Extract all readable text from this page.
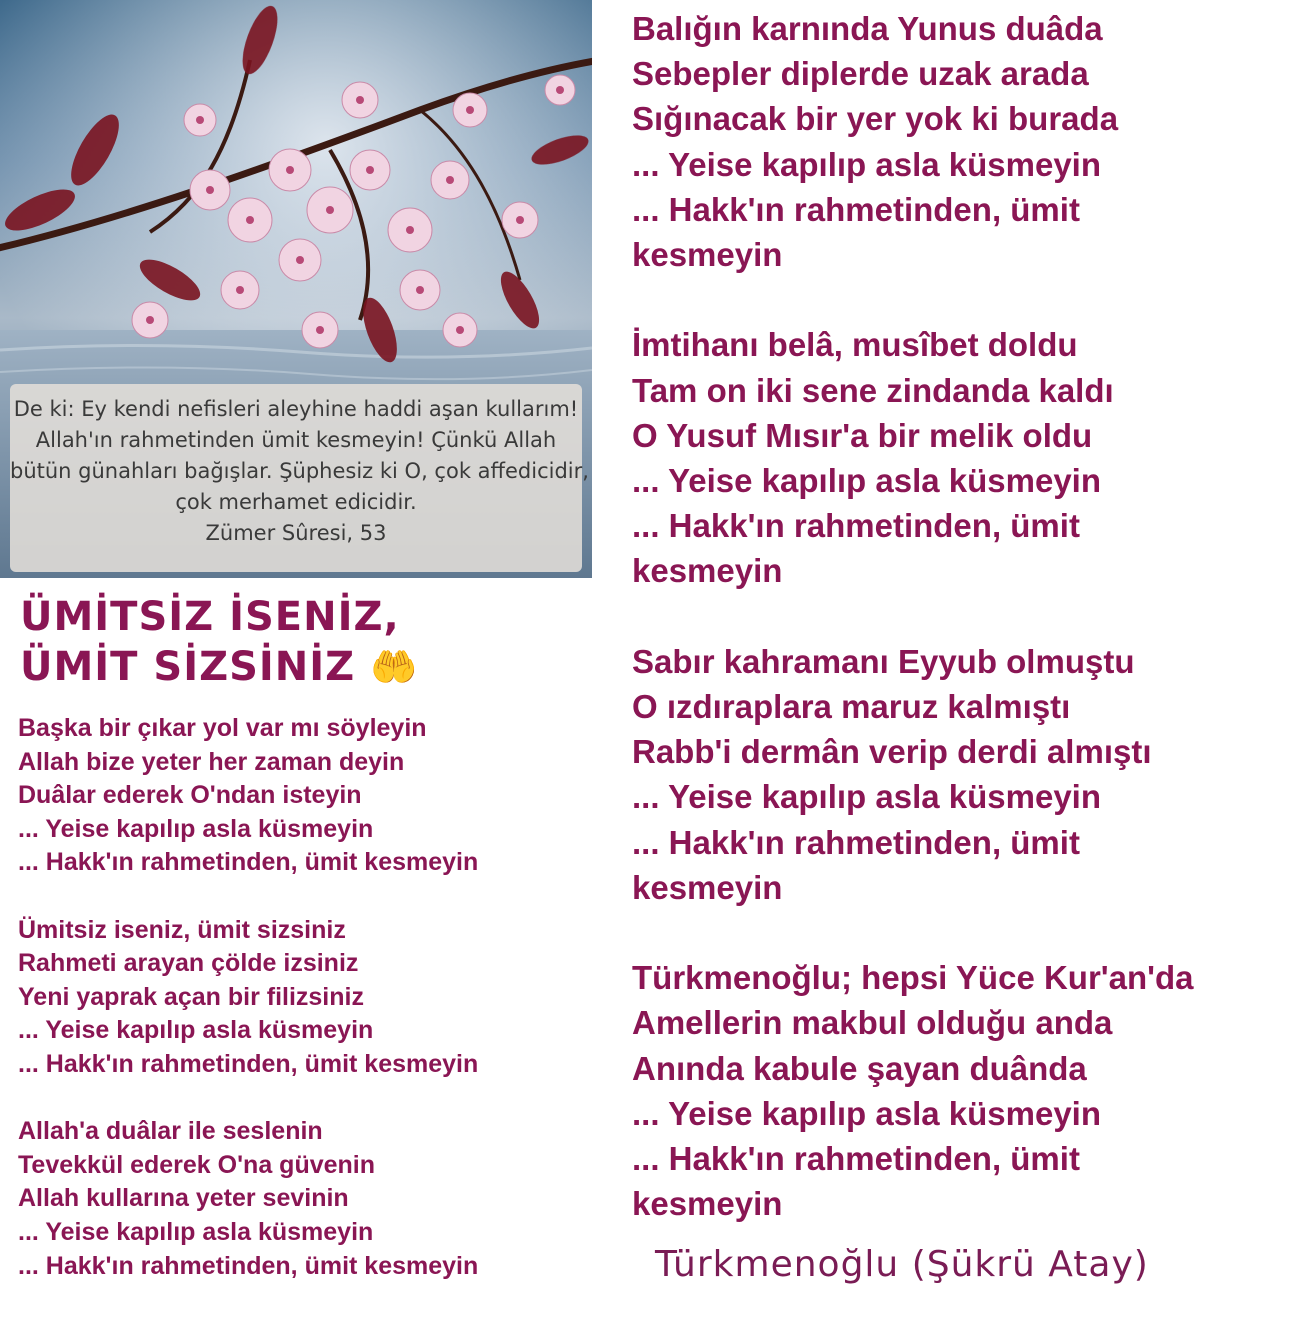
De ki: Ey kendi nefisleri aleyhine haddi aşan kullarım!
Allah'ın rahmetinden ümit kesmeyin! Çünkü Allah
bütün günahları bağışlar. Şüphesiz ki O, çok affedicidir,
çok merhamet edicidir.
Zümer Sûresi, 53
ÜMİTSİZ İSENİZ,
ÜMİT SİZSİNİZ 🤲
Başka bir çıkar yol var mı söyleyin
Allah bize yeter her zaman deyin
Duâlar ederek O'ndan isteyin
... Yeise kapılıp asla küsmeyin
... Hakk'ın rahmetinden, ümit kesmeyin
Ümitsiz iseniz, ümit sizsiniz
Rahmeti arayan çölde izsiniz
Yeni yaprak açan bir filizsiniz
... Yeise kapılıp asla küsmeyin
... Hakk'ın rahmetinden, ümit kesmeyin
Allah'a duâlar ile seslenin
Tevekkül ederek O'na güvenin
Allah kullarına yeter sevinin
... Yeise kapılıp asla küsmeyin
... Hakk'ın rahmetinden, ümit kesmeyin
Balığın karnında Yunus duâda
Sebepler diplerde uzak arada
Sığınacak bir yer yok ki burada
... Yeise kapılıp asla küsmeyin
... Hakk'ın rahmetinden, ümit
kesmeyin
İmtihanı belâ, musîbet doldu
Tam on iki sene zindanda kaldı
O Yusuf Mısır'a bir melik oldu
... Yeise kapılıp asla küsmeyin
... Hakk'ın rahmetinden, ümit
kesmeyin
Sabır kahramanı Eyyub olmuştu
O ızdıraplara maruz kalmıştı
Rabb'i dermân verip derdi almıştı
... Yeise kapılıp asla küsmeyin
... Hakk'ın rahmetinden, ümit
kesmeyin
Türkmenoğlu; hepsi Yüce Kur'an'da
Amellerin makbul olduğu anda
Anında kabule şayan duânda
... Yeise kapılıp asla küsmeyin
... Hakk'ın rahmetinden, ümit
kesmeyin
Türkmenoğlu (Şükrü Atay)
